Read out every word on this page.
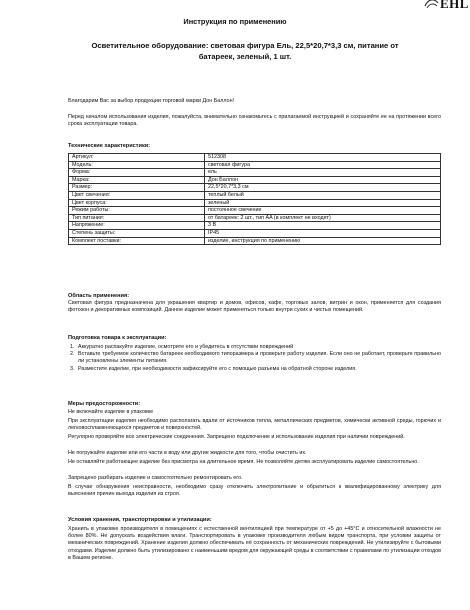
EHL
Инструкция по применению
Осветительное оборудование: световая фигура Ель, 22,5*20,7*3,3 см, питание от батареек, зеленый, 1 шт.
Благодарим Вас за выбор продукции торговой марки Дон Баллон!
Перед началом использования изделия, пожалуйста, внимательно ознакомьтесь с прилагаемой инструкцией и сохраняйте ее на протяжении всего срока эксплуатации товара.
Технические характеристики:
Артикул:	512308
Модель:	световая фигура
Форма:	ель
Марка:	Дон Баллон
Размер:	22,5*20,7*3,3 см
Цвет свечения:	теплый белый
Цвет корпуса:	зеленый
Режим работы:	постоянное свечение
Тип питания:	от батареек: 2 шт., тип AA (в комплект не входят)
Напряжение:	3 В
Степень защиты:	IP45
Комплект поставки:	изделие, инструкция по применению
Область применения:
Световая фигура предназначена для украшения квартир и домов, офисов, кафе, торговых залов, витрин и окон, применяется для создания фотозон и декоративных композиций. Данное изделие может применяться только внутри сухих и чистых помещений.
Подготовка товара к эксплуатации:
1. Аккуратно распакуйте изделие, осмотрите его и убедитесь в отсутствии повреждений
2. Вставьте требуемое количество батареек необходимого типоразмера и проверьте работу изделия. Если оно не работает, проверьте правильно ли установлены элементы питания.
3. Разместите изделие, при необходимости зафиксируйте его с помощью разъема на обратной стороне изделия.
Меры предосторожности:
Не включайте изделие в упаковке
При эксплуатации изделия необходимо располагать вдали от источников тепла, металлических предметов, химически активной среды, горючих и легковоспламеняющихся предметов и поверхностей.
Регулярно проверяйте все электрические соединения. Запрещено подключение и использование изделия при наличии повреждений.
Не погружайте изделие или его части в воду или другие жидкости для того, чтобы очистить их.
Не оставляйте работающее изделие без присмотра на длительное время. Не позволяйте детям эксплуатировать изделие самостоятельно.
Запрещено разбирать изделие и самостоятельно ремонтировать его.
В случае обнаружения неисправности, необходимо сразу отключить электропитание и обратиться к квалифицированному электрику для выяснения причин выхода изделия из строя.
Условия хранения, транспортировки и утилизации:
Хранить в упаковке производителя в помещениях с естественной вентиляцией при температуре от +5 до +45°С и относительной влажности не более 80%. Не допускать воздействия влаги. Транспортировать в упаковке производителя любым видом транспорта, при условии защиты от механических повреждений. Хранение изделия должно обеспечивать её сохранность от механических повреждений. Не утилизируйте с бытовыми отходами. Изделие должно быть утилизировано с наименьшим вредом для окружающей среды в соответствии с правилами по утилизации отходов в Вашем регионе.
